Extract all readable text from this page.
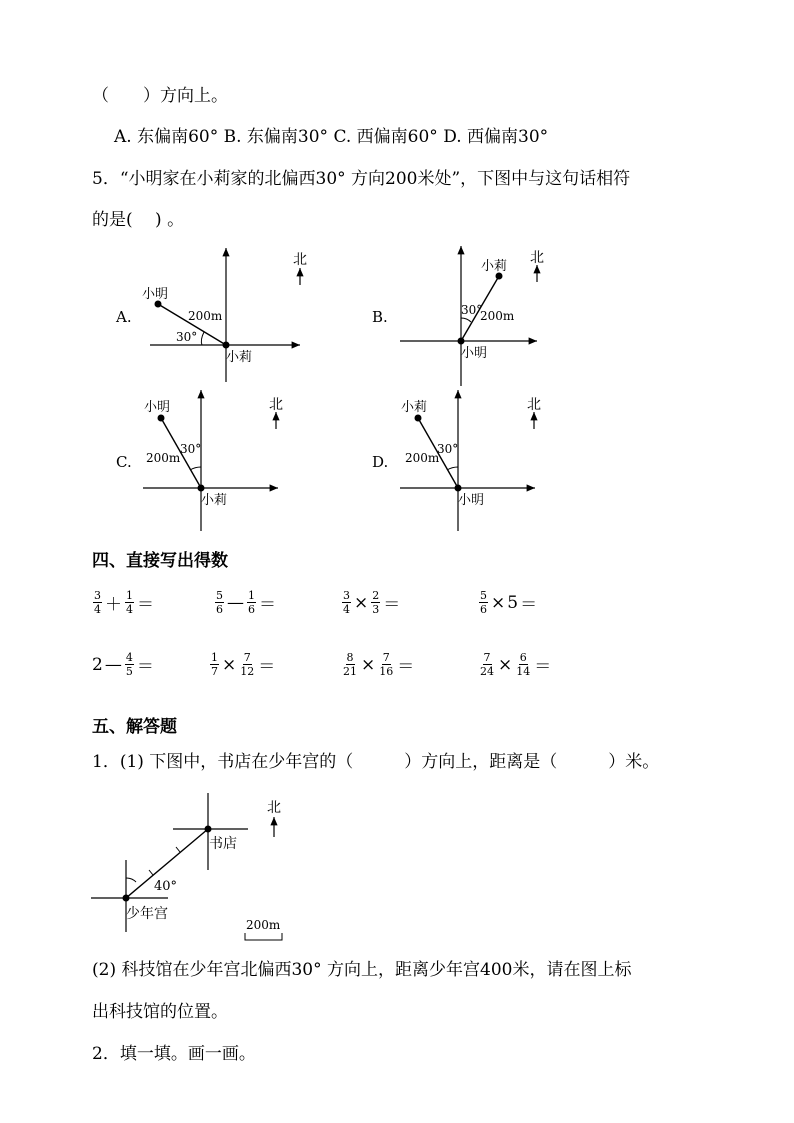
（　　）方向上。
A. 东偏南60° B. 东偏南30° C. 西偏南60° D. 西偏南30°
5．“小明家在小莉家的北偏西30° 方向200米处”，下图中与这句话相符
的是(　 ) 。
A.
小明
200m
30°
小莉
北
B.
小莉
30°
200m
小明
北
C.
小明
30°
200m
小莉
北
D.
小莉
30°
200m
小明
北
四、直接写出得数
$\frac{3}{4} + \frac{1}{4}$ ＝	$\frac{5}{6}$ — $\frac{1}{6}$ ＝	$\frac{3}{4} \times \frac{2}{3}$ ＝	$\frac{5}{6} \times 5$ ＝
2 — $\frac{4}{5}$ ＝	$\frac{1}{7} \times \frac{7}{12}$ ＝	$\frac{8}{21} \times \frac{7}{16}$ ＝	$\frac{7}{24} \times \frac{6}{14}$ ＝
五、解答题
1．(1) 下图中，书店在少年宫的（　　　）方向上，距离是（　　　）米。
40°
书店
少年宫
北
200m
(2) 科技馆在少年宫北偏西30° 方向上，距离少年宫400米，请在图上标
出科技馆的位置。
2．填一填。画一画。
